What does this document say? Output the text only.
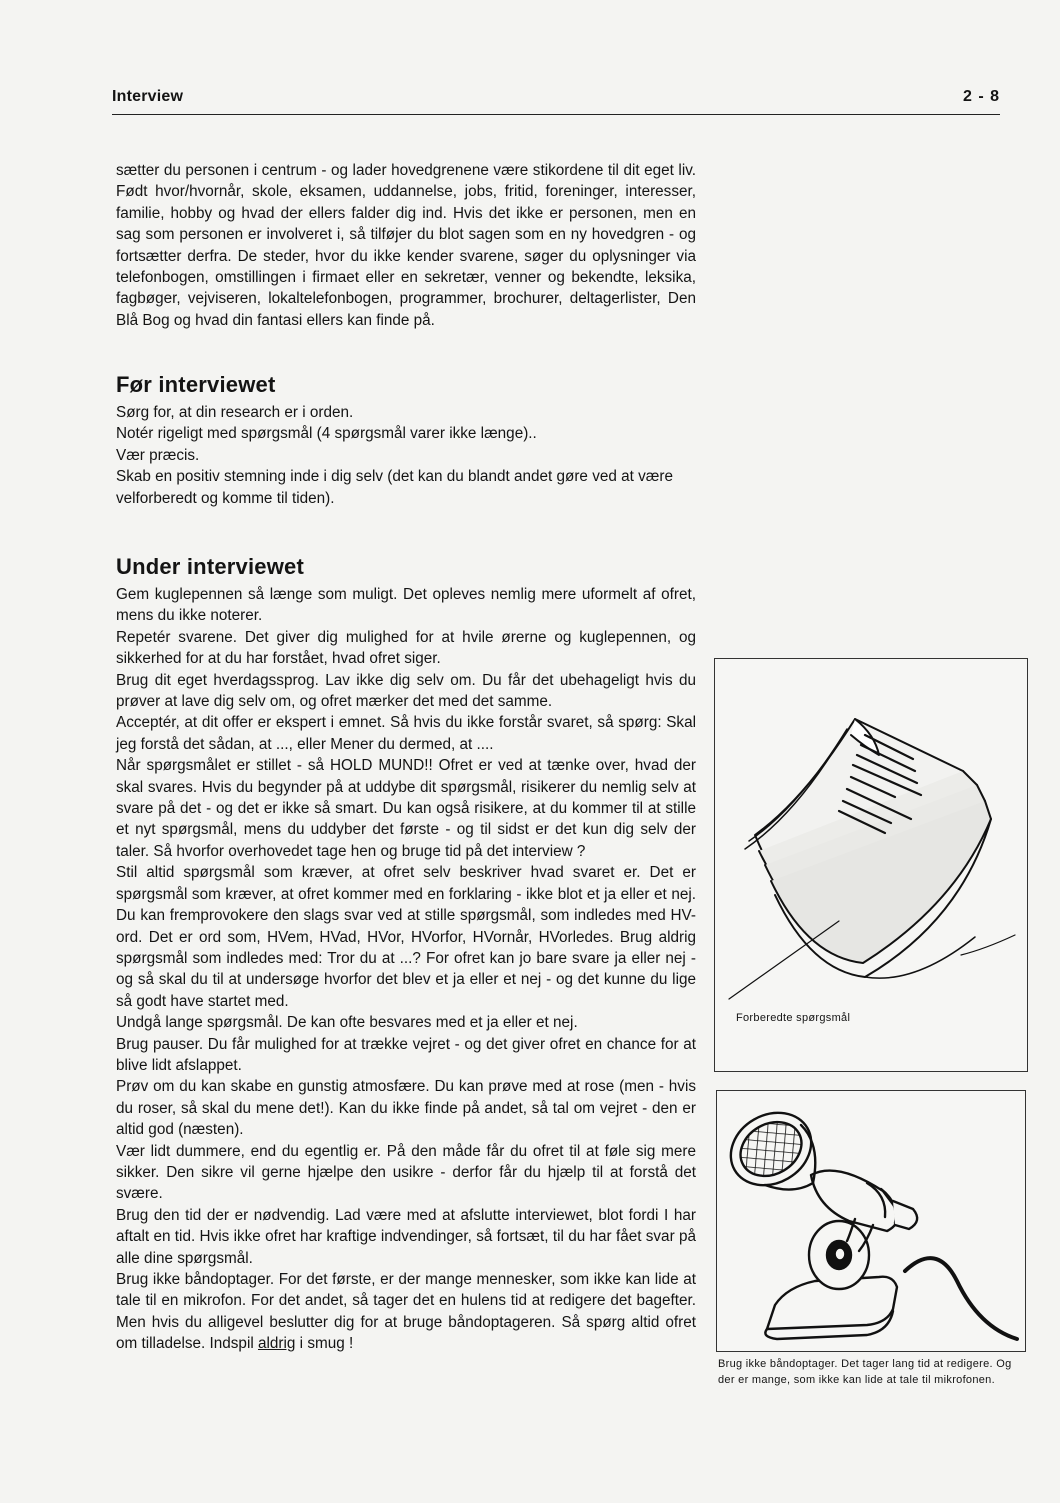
Interview	2 - 8

sætter du personen i centrum - og lader hovedgrenene være stikordene til dit eget liv. Født hvor/hvornår, skole, eksamen, uddannelse, jobs, fritid, foreninger, interesser, familie, hobby og hvad der ellers falder dig ind. Hvis det ikke er personen, men en sag som personen er involveret i, så tilføjer du blot sagen som en ny hovedgren - og fortsætter derfra. De steder, hvor du ikke kender svarene, søger du oplysninger via telefonbogen, omstillingen i firmaet eller en sekretær, venner og bekendte, leksika, fagbøger, vejviseren, lokaltelefonbogen, programmer, brochurer, deltagerlister, Den Blå Bog og hvad din fantasi ellers kan finde på.

Før interviewet

Sørg for, at din research er i orden.

Notér rigeligt med spørgsmål (4 spørgsmål varer ikke længe)..

Vær præcis.

Skab en positiv stemning inde i dig selv (det kan du blandt andet gøre ved at være velforberedt og komme til tiden).

Under interviewet

Gem kuglepennen så længe som muligt. Det opleves nemlig mere uformelt af ofret, mens du ikke noterer.

Repetér svarene. Det giver dig mulighed for at hvile ørerne og kuglepennen, og sikkerhed for at du har forstået, hvad ofret siger.

Brug dit eget hverdagssprog. Lav ikke dig selv om. Du får det ubehageligt hvis du prøver at lave dig selv om, og ofret mærker det med det samme.

Acceptér, at dit offer er ekspert i emnet. Så hvis du ikke forstår svaret, så spørg: Skal jeg forstå det sådan, at ..., eller Mener du dermed, at ....

Når spørgsmålet er stillet - så HOLD MUND!! Ofret er ved at tænke over, hvad der skal svares. Hvis du begynder på at uddybe dit spørgsmål, risikerer du nemlig selv at svare på det - og det er ikke så smart. Du kan også risikere, at du kommer til at stille et nyt spørgsmål, mens du uddyber det første - og til sidst er det kun dig selv der taler. Så hvorfor overhovedet tage hen og bruge tid på det interview ?

Stil altid spørgsmål som kræver, at ofret selv beskriver hvad svaret er. Det er spørgsmål som kræver, at ofret kommer med en forklaring - ikke blot et ja eller et nej. Du kan fremprovokere den slags svar ved at stille spørgsmål, som indledes med HV-ord. Det er ord som, HVem, HVad, HVor, HVorfor, HVornår, HVorledes. Brug aldrig spørgsmål som indledes med: Tror du at ...? For ofret kan jo bare svare ja eller nej - og så skal du til at undersøge hvorfor det blev et ja eller et nej - og det kunne du lige så godt have startet med.

Undgå lange spørgsmål. De kan ofte besvares med et ja eller et nej.

Brug pauser. Du får mulighed for at trække vejret - og det giver ofret en chance for at blive lidt afslappet.

Prøv om du kan skabe en gunstig atmosfære. Du kan prøve med at rose (men - hvis du roser, så skal du mene det!). Kan du ikke finde på andet, så tal om vejret - den er altid god (næsten).

Vær lidt dummere, end du egentlig er. På den måde får du ofret til at føle sig mere sikker. Den sikre vil gerne hjælpe den usikre - derfor får du hjælp til at forstå det svære.

Brug den tid der er nødvendig. Lad være med at afslutte interviewet, blot fordi I har aftalt en tid. Hvis ikke ofret har kraftige indvendinger, så fortsæt, til du har fået svar på alle dine spørgsmål.

Brug ikke båndoptager. For det første, er der mange mennesker, som ikke kan lide at tale til en mikrofon. For det andet, så tager det en hulens tid at redigere det bagefter. Men hvis du alligevel beslutter dig for at bruge båndoptageren. Så spørg altid ofret om tilladelse. Indspil aldrig i smug !

Forberedte spørgsmål
Brug ikke båndoptager. Det tager lang tid at redigere. Og der er mange, som ikke kan lide at tale til mikrofonen.
